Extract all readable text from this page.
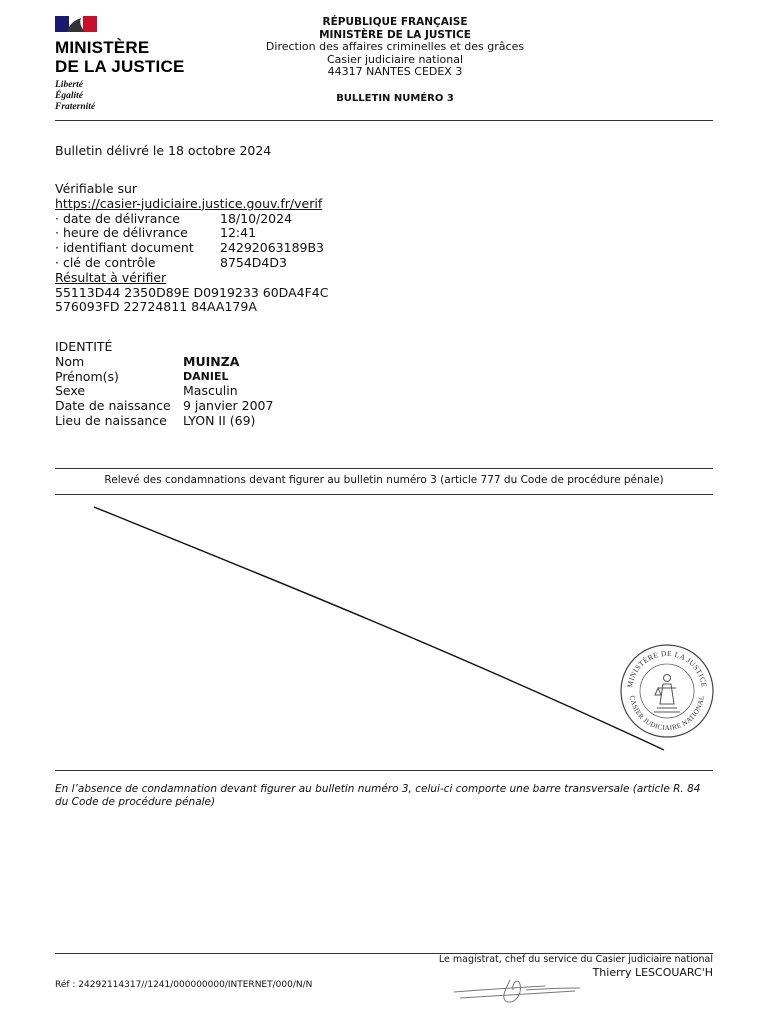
MINISTÈRE
DE LA JUSTICE
Liberté
Égalité
Fraternité
RÉPUBLIQUE FRANÇAISE
MINISTÈRE DE LA JUSTICE
Direction des affaires criminelles et des grâces
Casier judiciaire national
44317 NANTES CEDEX 3
BULLETIN NUMÉRO 3
Bulletin délivré le 18 octobre 2024
Vérifiable sur
https://casier-judiciaire.justice.gouv.fr/verif
· date de délivrance	18/10/2024
· heure de délivrance	12:41
· identifiant document	24292063189B3
· clé de contrôle	8754D4D3
Résultat à vérifier
55113D44 2350D89E D0919233 60DA4F4C
576093FD 22724811 84AA179A
IDENTITÉ
Nom	MUINZA
Prénom(s)	DANIEL
Sexe	Masculin
Date de naissance 9 janvier 2007
Lieu de naissance	LYON II (69)
Relevé des condamnations devant figurer au bulletin numéro 3 (article 777 du Code de procédure pénale)
MINISTÈRE DE LA JUSTICE
CASIER JUDICIAIRE NATIONAL
En l’absence de condamnation devant figurer au bulletin numéro 3, celui-ci comporte une barre transversale (article R. 84 du Code de procédure pénale)
Le magistrat, chef du service du Casier judiciaire national
Thierry LESCOUARC'H
Réf : 24292114317//1241/000000000/INTERNET/000/N/N
